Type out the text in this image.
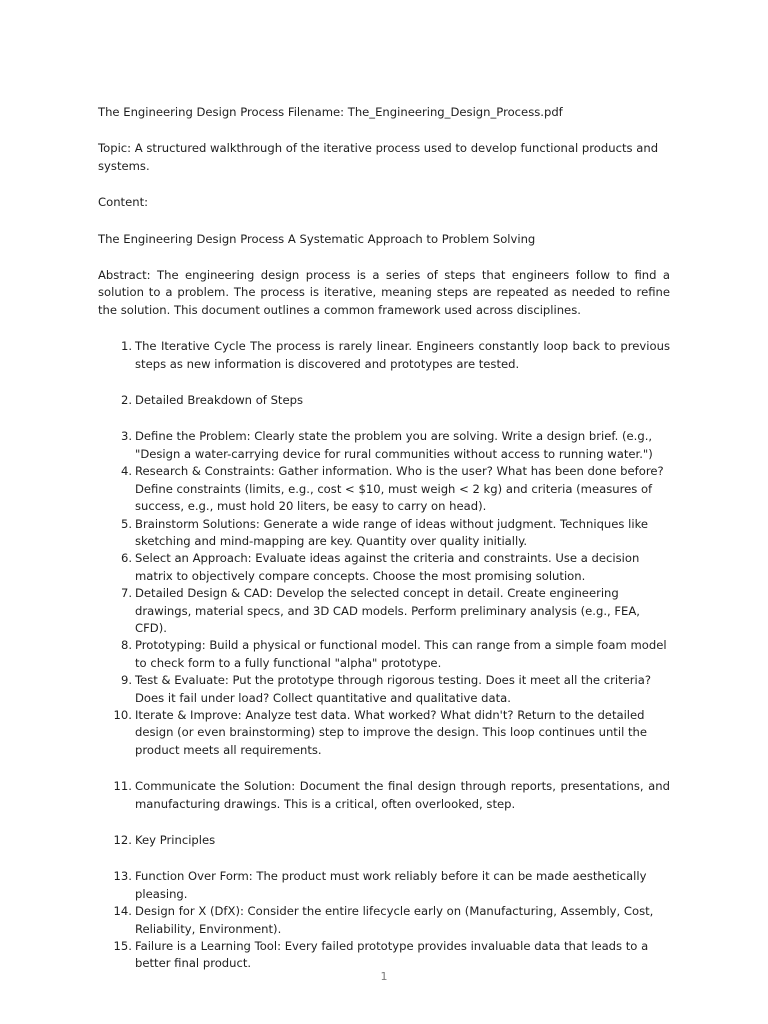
The Engineering Design Process Filename: The_Engineering_Design_Process.pdf

Topic: A structured walkthrough of the iterative process used to develop functional products and systems.

Content:

The Engineering Design Process A Systematic Approach to Problem Solving

Abstract: The engineering design process is a series of steps that engineers follow to find a solution to a problem. The process is iterative, meaning steps are repeated as needed to refine the solution. This document outlines a common framework used across disciplines.

1. The Iterative Cycle The process is rarely linear. Engineers constantly loop back to previous steps as new information is discovered and prototypes are tested.
2. Detailed Breakdown of Steps
3. Define the Problem: Clearly state the problem you are solving. Write a design brief. (e.g., "Design a water-carrying device for rural communities without access to running water.")
4. Research & Constraints: Gather information. Who is the user? What has been done before? Define constraints (limits, e.g., cost < $10, must weigh < 2 kg) and criteria (measures of success, e.g., must hold 20 liters, be easy to carry on head).
5. Brainstorm Solutions: Generate a wide range of ideas without judgment. Techniques like sketching and mind-mapping are key. Quantity over quality initially.
6. Select an Approach: Evaluate ideas against the criteria and constraints. Use a decision matrix to objectively compare concepts. Choose the most promising solution.
7. Detailed Design & CAD: Develop the selected concept in detail. Create engineering drawings, material specs, and 3D CAD models. Perform preliminary analysis (e.g., FEA, CFD).
8. Prototyping: Build a physical or functional model. This can range from a simple foam model to check form to a fully functional "alpha" prototype.
9. Test & Evaluate: Put the prototype through rigorous testing. Does it meet all the criteria? Does it fail under load? Collect quantitative and qualitative data.
10. Iterate & Improve: Analyze test data. What worked? What didn't? Return to the detailed design (or even brainstorming) step to improve the design. This loop continues until the product meets all requirements.
11. Communicate the Solution: Document the final design through reports, presentations, and manufacturing drawings. This is a critical, often overlooked, step.
12. Key Principles
13. Function Over Form: The product must work reliably before it can be made aesthetically pleasing.
14. Design for X (DfX): Consider the entire lifecycle early on (Manufacturing, Assembly, Cost, Reliability, Environment).
15. Failure is a Learning Tool: Every failed prototype provides invaluable data that leads to a better final product.
1
